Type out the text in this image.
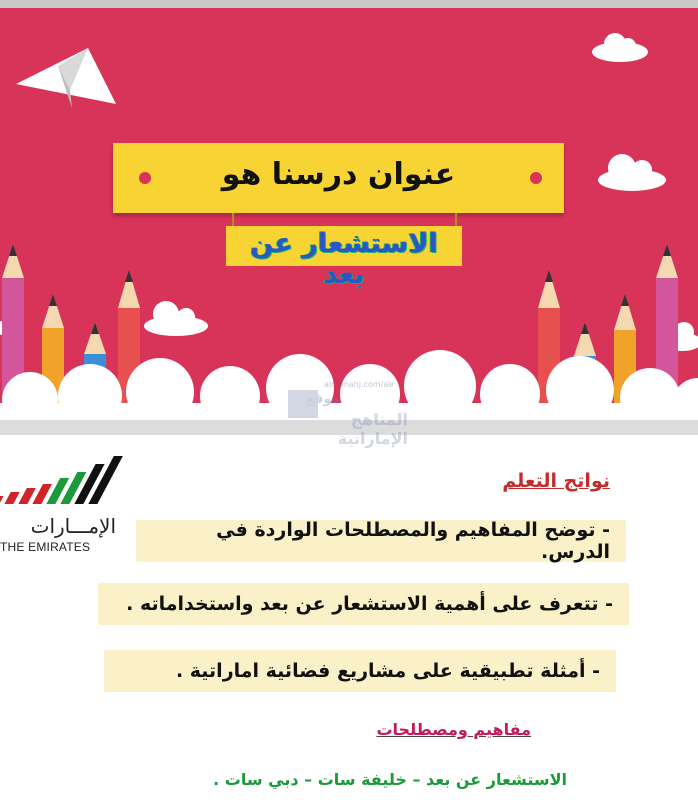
عنوان درسنا هو
الاستشعار عن بعد
almanahj.com/ae
موقع
المناهج الإماراتية
الإمـــارات
THE EMIRATES
نواتج التعلم
- توضح المفاهيم والمصطلحات الواردة في الدرس.
- تتعرف على أهمية الاستشعار عن بعد واستخداماته .
- أمثلة تطبيقية على مشاريع فضائية اماراتية .
مفاهيم ومصطلحات
الاستشعار عن بعد – خليفة سات – دبي سات .
